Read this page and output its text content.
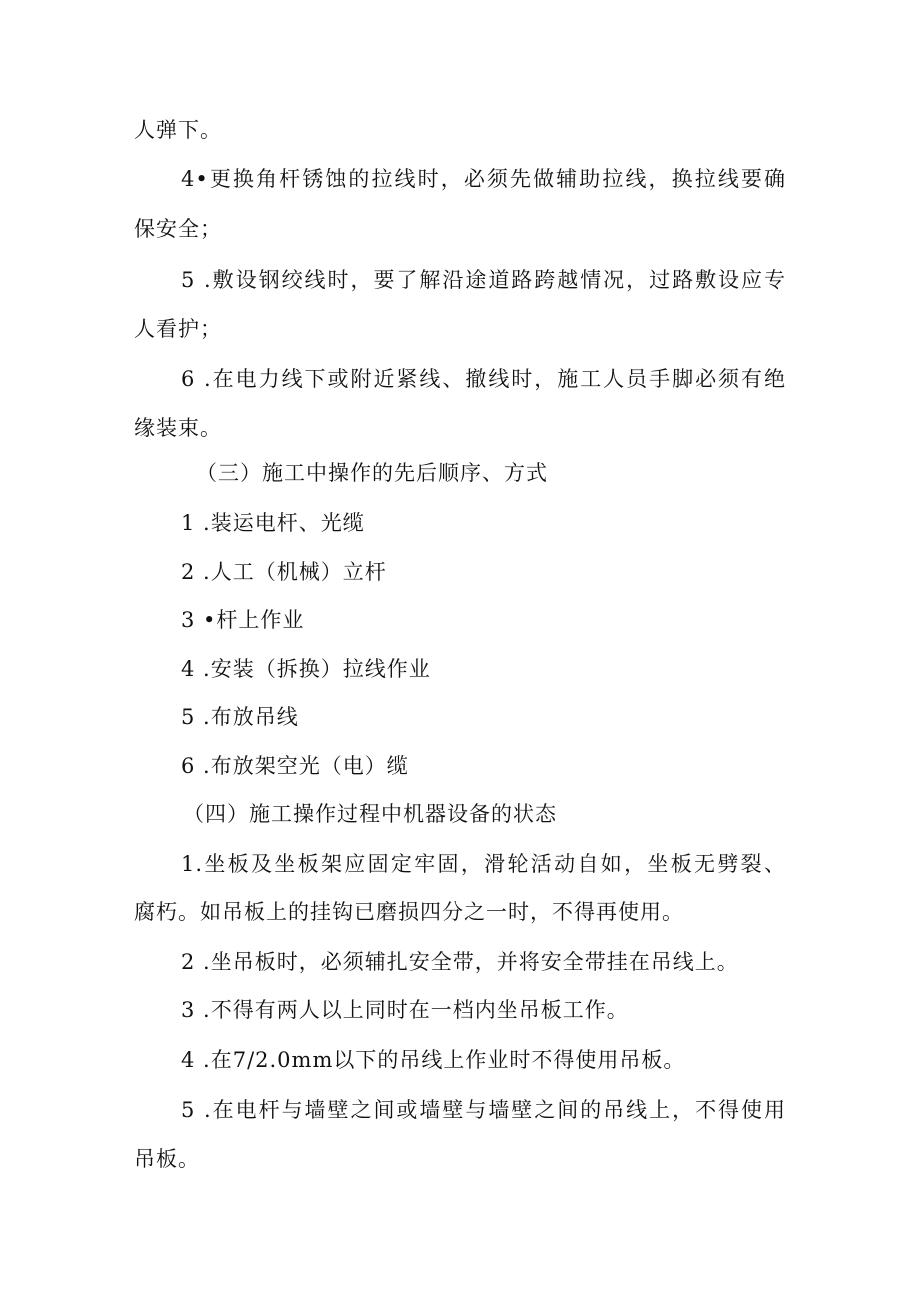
人弹下。
4•更换角杆锈蚀的拉线时，必须先做辅助拉线，换拉线要确
保安全；
5 .敷设钢绞线时，要了解沿途道路跨越情况，过路敷设应专
人看护；
6 .在电力线下或附近紧线、撤线时，施工人员手脚必须有绝
缘装束。
（三）施工中操作的先后顺序、方式
1 .装运电杆、光缆
2 .人工（机械）立杆
3 •杆上作业
4 .安装（拆换）拉线作业
5 .布放吊线
6 .布放架空光（电）缆
（四）施工操作过程中机器设备的状态
1.坐板及坐板架应固定牢固，滑轮活动自如，坐板无劈裂、
腐朽。如吊板上的挂钩已磨损四分之一时，不得再使用。
2 .坐吊板时，必须辅扎安全带，并将安全带挂在吊线上。
3 .不得有两人以上同时在一档内坐吊板工作。
4 .在7/2.0mm以下的吊线上作业时不得使用吊板。
5 .在电杆与墙壁之间或墙壁与墙壁之间的吊线上，不得使用
吊板。
